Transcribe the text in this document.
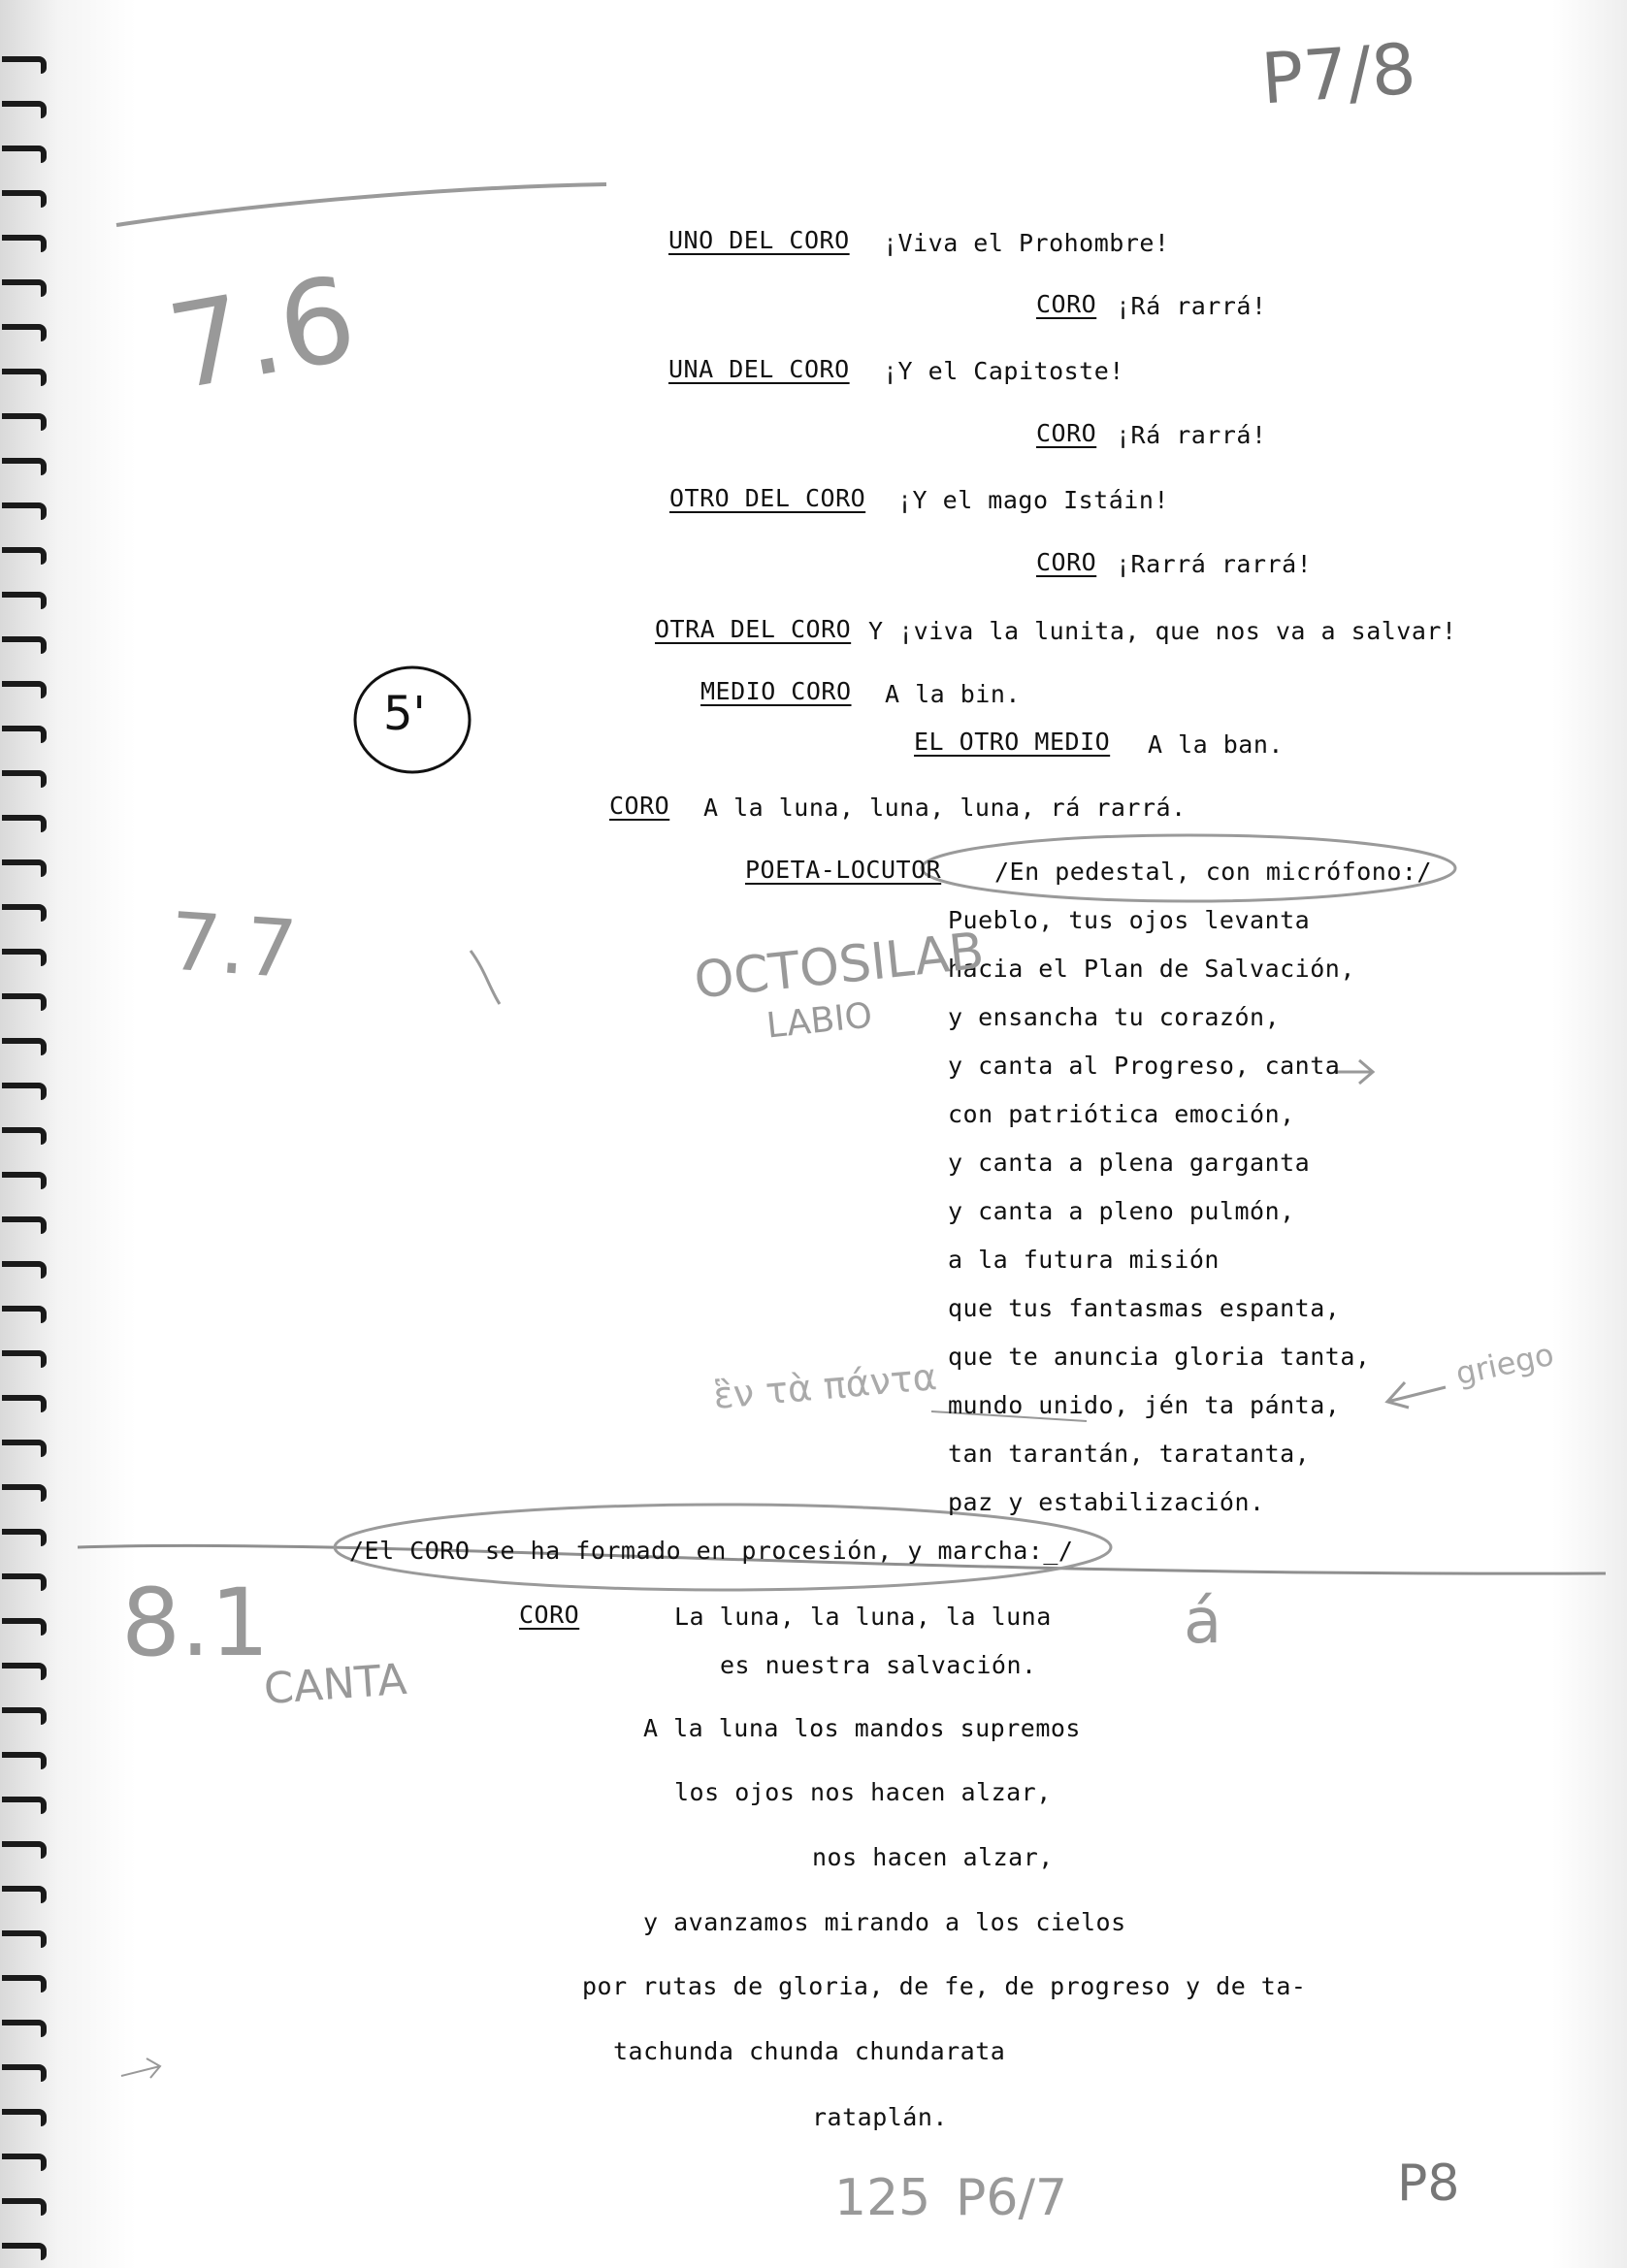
UNO DEL CORO ¡Viva el Prohombre!
CORO ¡Rá rarrá!
UNA DEL CORO ¡Y el Capitoste!
CORO ¡Rá rarrá!
OTRO DEL CORO ¡Y el mago Istáin!
CORO ¡Rarrá rarrá!
OTRA DEL CORO Y ¡viva la lunita, que nos va a salvar!
MEDIO CORO A la bin.
EL OTRO MEDIO A la ban.
CORO A la luna, luna, luna, rá rarrá.
POETA-LOCUTOR /En pedestal, con micrófono:/
Pueblo, tus ojos levanta
hacia el Plan de Salvación,
y ensancha tu corazón,
y canta al Progreso, canta
con patriótica emoción,
y canta a plena garganta
y canta a pleno pulmón,
a la futura misión
que tus fantasmas espanta,
que te anuncia gloria tanta,
mundo unido, jén ta pánta,
tan tarantán, taratanta,
paz y estabilización.
/El CORO se ha formado en procesión, y marcha:_/
CORO	La luna, la luna, la luna
es nuestra salvación.
A la luna los mandos supremos
los ojos nos hacen alzar,
nos hacen alzar,
y avanzamos mirando a los cielos
por rutas de gloria, de fe, de progreso y de ta-
tachunda chunda chundarata
rataplán.
P7/8
7.6
5'
7.7	OCTOSILAB
LABIO
ἓν τὰ πάντα	griego
8.1
CANTA
á
125 P6/7	P8
